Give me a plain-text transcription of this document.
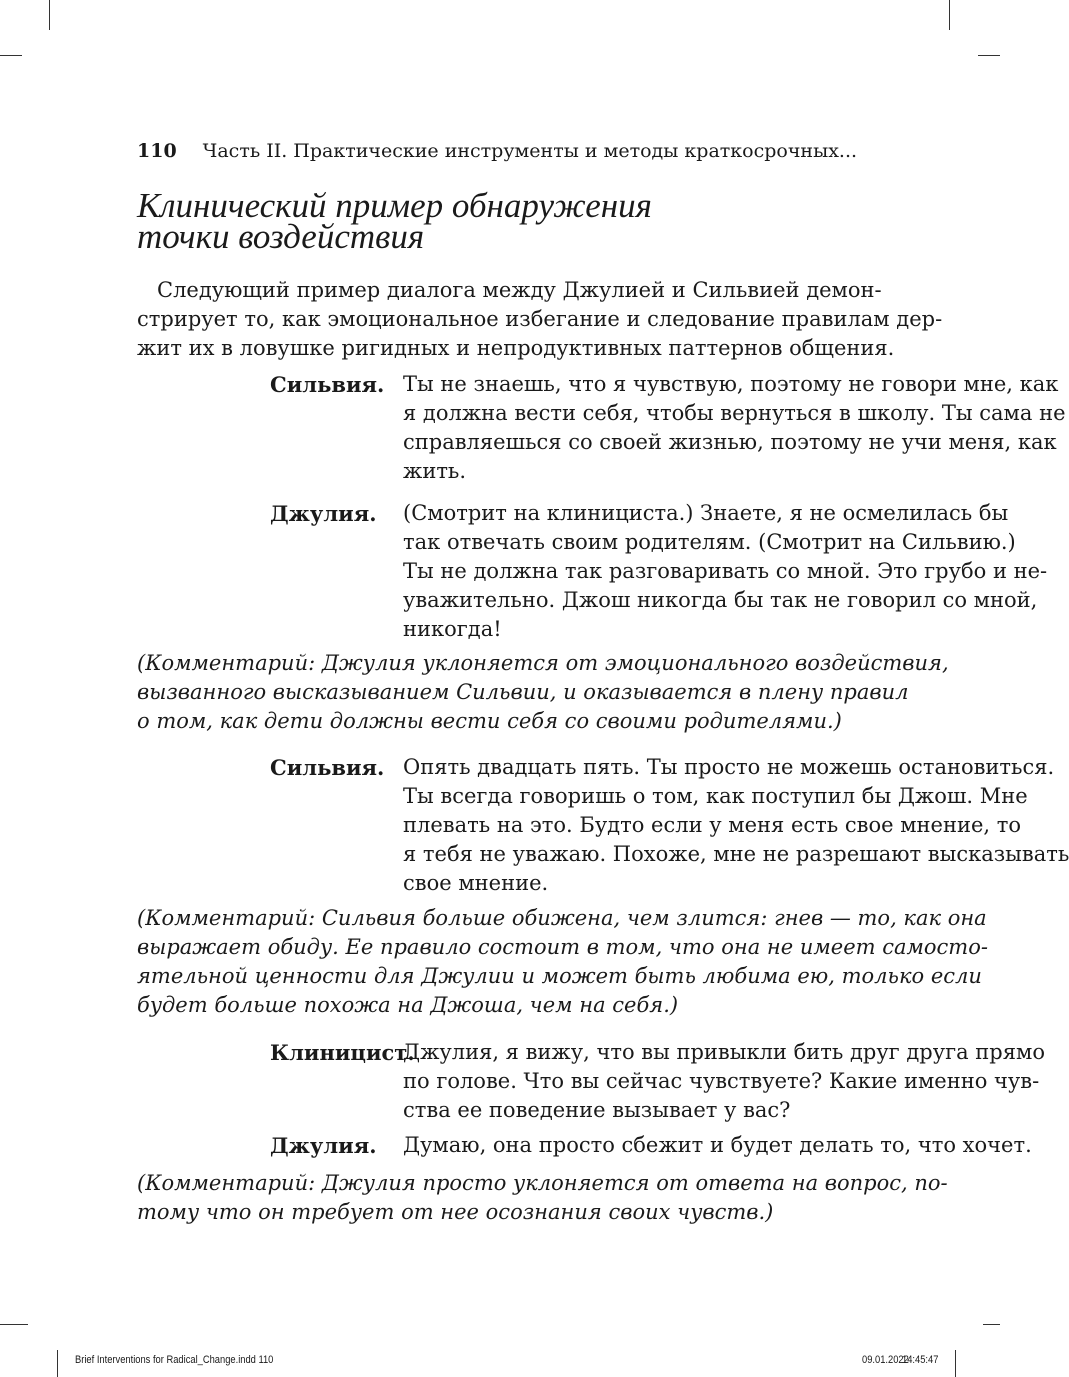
110 Часть II. Практические инструменты и методы краткосрочных...
Клинический пример обнаружения
точки воздействия
Следующий пример диалога между Джулией и Сильвией демон-
стрирует то, как эмоциональное избегание и следование правилам дер-
жит их в ловушке ригидных и непродуктивных паттернов общения.
Сильвия. Ты не знаешь, что я чувствую, поэтому не говори мне, как
я должна вести себя, чтобы вернуться в школу. Ты сама не
справляешься со своей жизнью, поэтому не учи меня, как
жить.
Джулия. (Смотрит на клинициста.) Знаете, я не осмелилась бы
так отвечать своим родителям. (Смотрит на Сильвию.)
Ты не должна так разговаривать со мной. Это грубо и не-
уважительно. Джош никогда бы так не говорил со мной,
никогда!
(Комментарий: Джулия уклоняется от эмоционального воздействия,
вызванного высказыванием Сильвии, и оказывается в плену правил
о том, как дети должны вести себя со своими родителями.)
Сильвия. Опять двадцать пять. Ты просто не можешь остановиться.
Ты всегда говоришь о том, как поступил бы Джош. Мне
плевать на это. Будто если у меня есть свое мнение, то
я тебя не уважаю. Похоже, мне не разрешают высказывать
свое мнение.
(Комментарий: Сильвия больше обижена, чем злится: гнев — то, как она
выражает обиду. Ее правило состоит в том, что она не имеет самосто-
ятельной ценности для Джулии и может быть любима ею, только если
будет больше похожа на Джоша, чем на себя.)
Клиницист.
Джулия, я вижу, что вы привыкли бить друг друга прямо
по голове. Что вы сейчас чувствуете? Какие именно чув-
ства ее поведение вызывает у вас?
Джулия. Думаю, она просто сбежит и будет делать то, что хочет.
(Комментарий: Джулия просто уклоняется от ответа на вопрос, по-
тому что он требует от нее осознания своих чувств.)
Brief Interventions for Radical_Change.indd 110	09.01.2022
14:45:47
